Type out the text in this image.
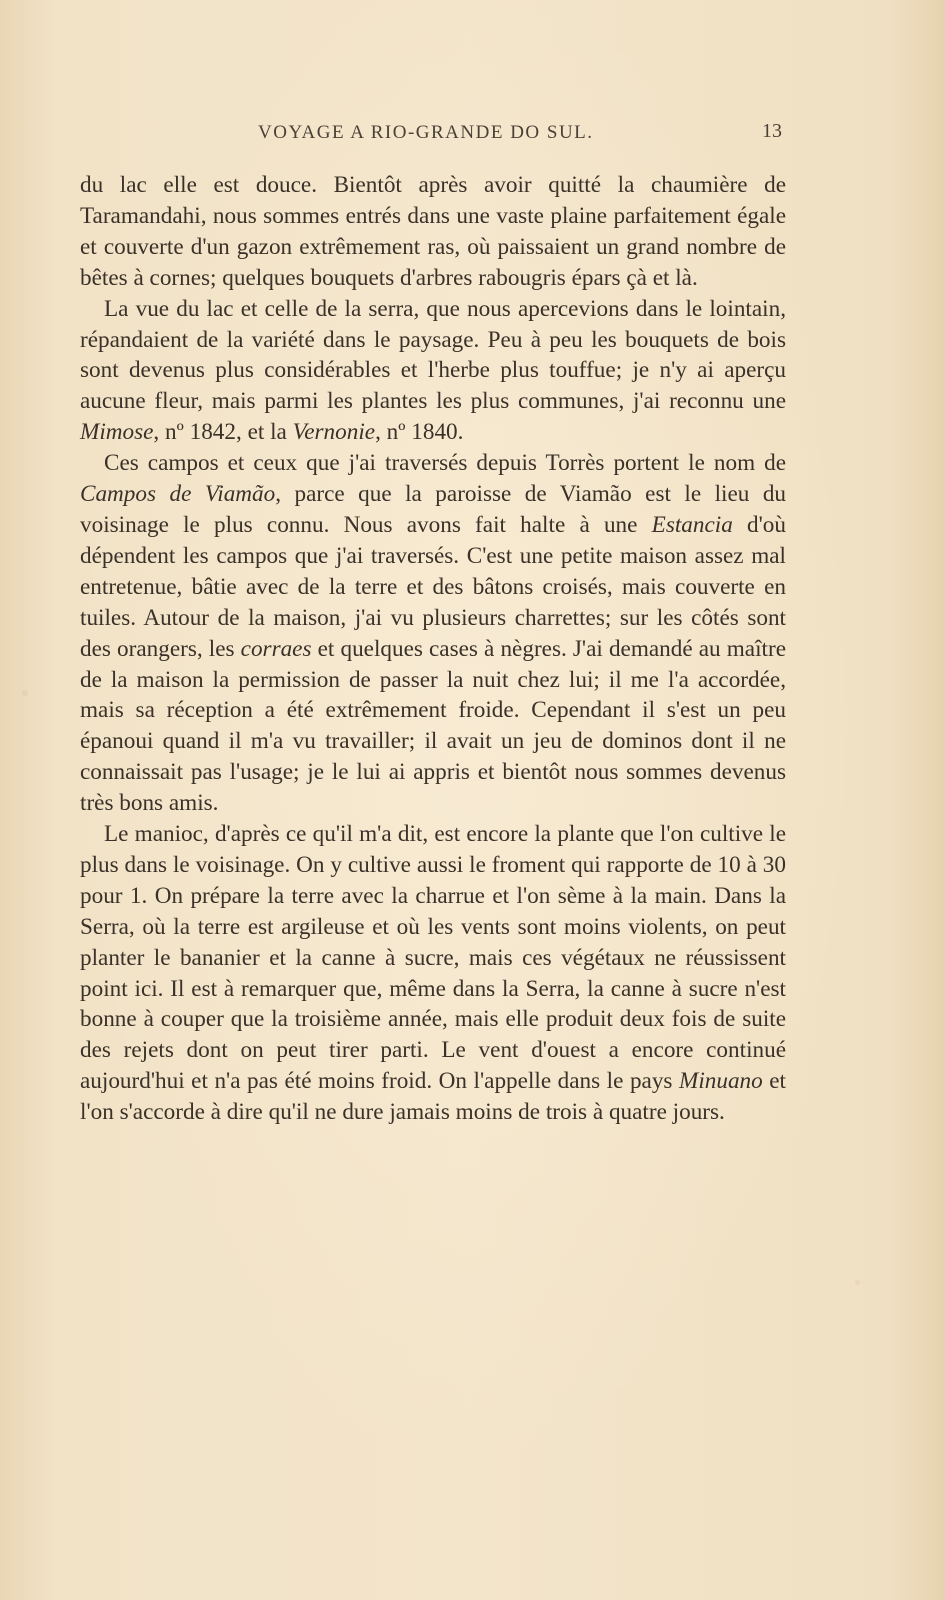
VOYAGE A RIO-GRANDE DO SUL.	13

du lac elle est douce. Bientôt après avoir quitté la chaumière de Taramandahi, nous sommes entrés dans une vaste plaine parfaitement égale et couverte d'un gazon extrêmement ras, où paissaient un grand nombre de bêtes à cornes; quelques bouquets d'arbres rabougris épars çà et là.

La vue du lac et celle de la serra, que nous apercevions dans le lointain, répandaient de la variété dans le paysage. Peu à peu les bouquets de bois sont devenus plus considérables et l'herbe plus touffue; je n'y ai aperçu aucune fleur, mais parmi les plantes les plus communes, j'ai reconnu une Mimose, nº 1842, et la Vernonie, nº 1840.

Ces campos et ceux que j'ai traversés depuis Torrès portent le nom de Campos de Viamão, parce que la paroisse de Viamão est le lieu du voisinage le plus connu. Nous avons fait halte à une Estancia d'où dépendent les campos que j'ai traversés. C'est une petite maison assez mal entretenue, bâtie avec de la terre et des bâtons croisés, mais couverte en tuiles. Autour de la maison, j'ai vu plusieurs charrettes; sur les côtés sont des orangers, les corraes et quelques cases à nègres. J'ai demandé au maître de la maison la permission de passer la nuit chez lui; il me l'a accordée, mais sa réception a été extrêmement froide. Cependant il s'est un peu épanoui quand il m'a vu travailler; il avait un jeu de dominos dont il ne connaissait pas l'usage; je le lui ai appris et bientôt nous sommes devenus très bons amis.

Le manioc, d'après ce qu'il m'a dit, est encore la plante que l'on cultive le plus dans le voisinage. On y cultive aussi le froment qui rapporte de 10 à 30 pour 1. On prépare la terre avec la charrue et l'on sème à la main. Dans la Serra, où la terre est argileuse et où les vents sont moins violents, on peut planter le bananier et la canne à sucre, mais ces végétaux ne réussissent point ici. Il est à remarquer que, même dans la Serra, la canne à sucre n'est bonne à couper que la troisième année, mais elle produit deux fois de suite des rejets dont on peut tirer parti. Le vent d'ouest a encore continué aujourd'hui et n'a pas été moins froid. On l'appelle dans le pays Minuano et l'on s'accorde à dire qu'il ne dure jamais moins de trois à quatre jours.
